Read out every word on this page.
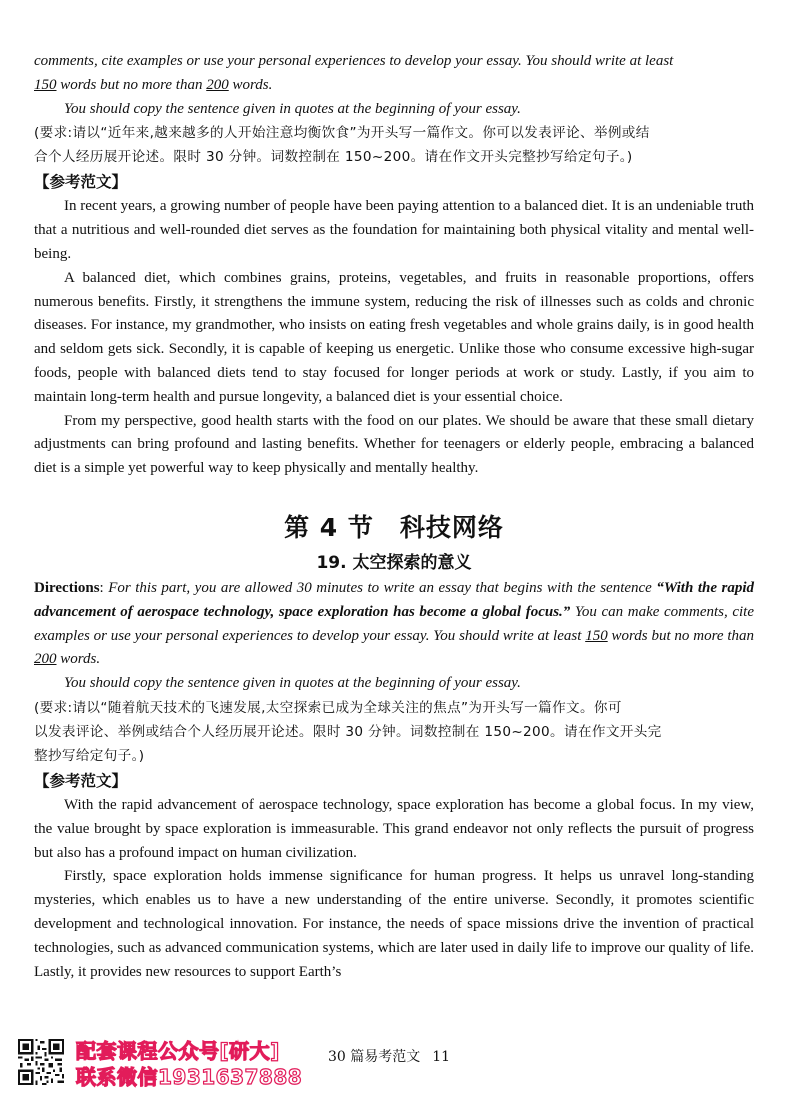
comments, cite examples or use your personal experiences to develop your essay. You should write at least
150 words but no more than 200 words.

You should copy the sentence given in quotes at the beginning of your essay.

(要求:请以“近年来,越来越多的人开始注意均衡饮食”为开头写一篇作文。你可以发表评论、举例或结
合个人经历展开论述。限时 30 分钟。词数控制在 150~200。请在作文开头完整抄写给定句子。)

【参考范文】

In recent years, a growing number of people have been paying attention to a balanced diet. It is an undeniable truth that a nutritious and well-rounded diet serves as the foundation for maintaining both physical vitality and mental well-being.

A balanced diet, which combines grains, proteins, vegetables, and fruits in reasonable proportions, offers numerous benefits. Firstly, it strengthens the immune system, reducing the risk of illnesses such as colds and chronic diseases. For instance, my grandmother, who insists on eating fresh vegetables and whole grains daily, is in good health and seldom gets sick. Secondly, it is capable of keeping us energetic. Unlike those who consume excessive high-sugar foods, people with balanced diets tend to stay focused for longer periods at work or study. Lastly, if you aim to maintain long-term health and pursue longevity, a balanced diet is your essential choice.

From my perspective, good health starts with the food on our plates. We should be aware that these small dietary adjustments can bring profound and lasting benefits. Whether for teenagers or elderly people, embracing a balanced diet is a simple yet powerful way to keep physically and mentally healthy.

第 4 节 科技网络
19. 太空探索的意义

Directions: For this part, you are allowed 30 minutes to write an essay that begins with the sentence “With the rapid advancement of aerospace technology, space exploration has become a global focus.” You can make comments, cite examples or use your personal experiences to develop your essay. You should write at least 150 words but no more than 200 words.

You should copy the sentence given in quotes at the beginning of your essay.

(要求:请以“随着航天技术的飞速发展,太空探索已成为全球关注的焦点”为开头写一篇作文。你可
以发表评论、举例或结合个人经历展开论述。限时 30 分钟。词数控制在 150~200。请在作文开头完
整抄写给定句子。)

【参考范文】

With the rapid advancement of aerospace technology, space exploration has become a global focus. In my view, the value brought by space exploration is immeasurable. This grand endeavor not only reflects the pursuit of progress but also has a profound impact on human civilization.

Firstly, space exploration holds immense significance for human progress. It helps us unravel long-standing mysteries, which enables us to have a new understanding of the entire universe. Secondly, it promotes scientific development and technological innovation. For instance, the needs of space missions drive the invention of practical technologies, such as advanced communication systems, which are later used in daily life to improve our quality of life. Lastly, it provides new resources to support Earth’s

配套课程公众号[研大]
联系微信1931637888
30 篇易考范文 11
